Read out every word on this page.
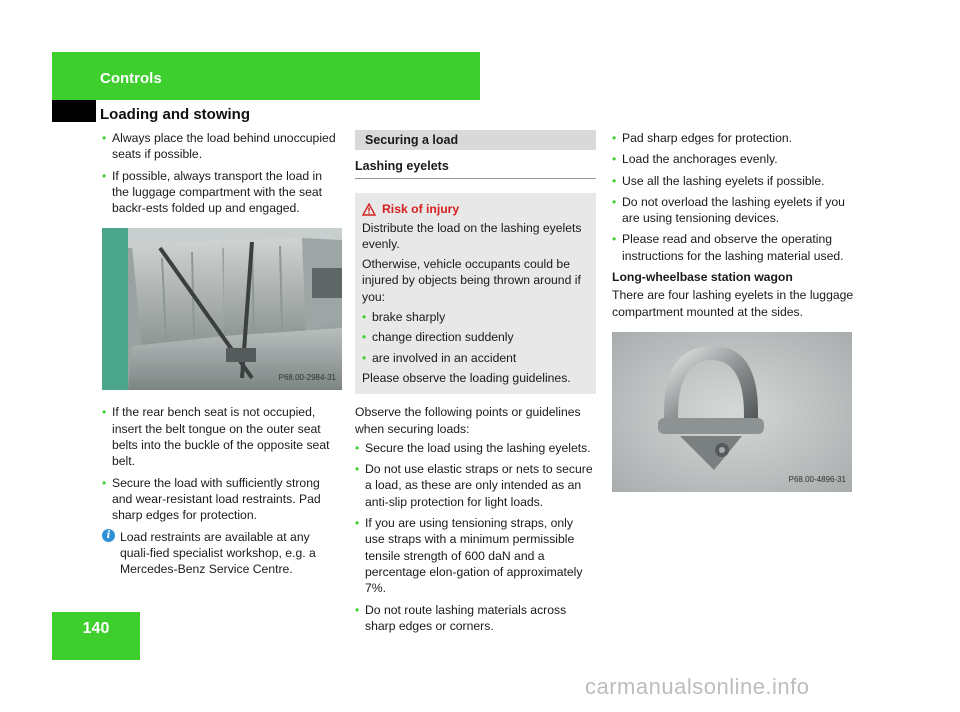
Controls
Loading and stowing
• Always place the load behind unoccupied seats if possible.
• If possible, always transport the load in the luggage compartment with the seat backr-ests folded up and engaged.
P68.00-2984-31
• If the rear bench seat is not occupied, insert the belt tongue on the outer seat belts into the buckle of the opposite seat belt.
• Secure the load with sufficiently strong and wear-resistant load restraints. Pad sharp edges for protection.
i Load restraints are available at any quali-fied specialist workshop, e.g. a Mercedes-Benz Service Centre.
Securing a load
Lashing eyelets
Risk of injury

Distribute the load on the lashing eyelets evenly.

Otherwise, vehicle occupants could be injured by objects being thrown around if you:

• brake sharply
• change direction suddenly
• are involved in an accident

Please observe the loading guidelines.

Observe the following points or guidelines when securing loads:

• Secure the load using the lashing eyelets.
• Do not use elastic straps or nets to secure a load, as these are only intended as an anti-slip protection for light loads.
• If you are using tensioning straps, only use straps with a minimum permissible tensile strength of 600 daN and a percentage elon-gation of approximately 7%.
• Do not route lashing materials across sharp edges or corners.
• Pad sharp edges for protection.
• Load the anchorages evenly.
• Use all the lashing eyelets if possible.
• Do not overload the lashing eyelets if you are using tensioning devices.
• Please read and observe the operating instructions for the lashing material used.
Long-wheelbase station wagon

There are four lashing eyelets in the luggage compartment mounted at the sides.

P68.00-4896-31
140
carmanualsonline.info
